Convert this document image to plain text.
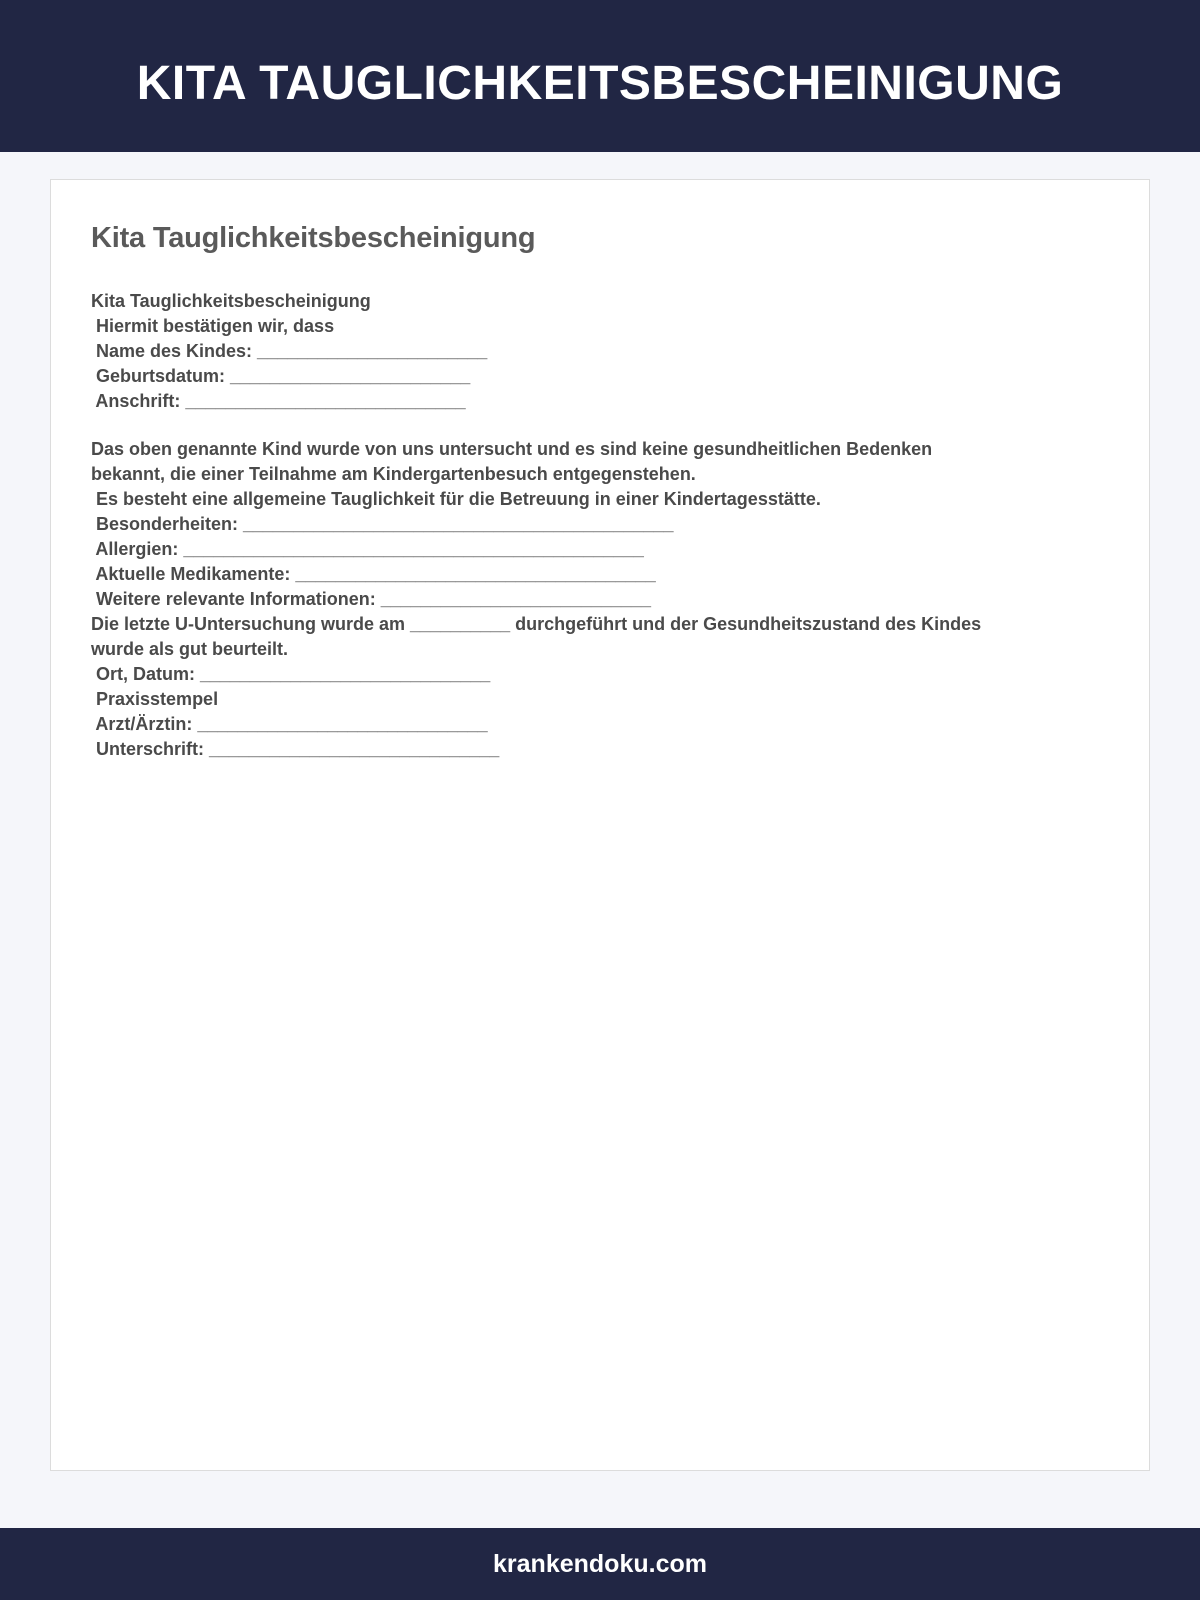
KITA TAUGLICHKEITSBESCHEINIGUNG
Kita Tauglichkeitsbescheinigung
Kita Tauglichkeitsbescheinigung
Hiermit bestätigen wir, dass
Name des Kindes: _______________________
Geburtsdatum: ________________________
Anschrift: ____________________________
Das oben genannte Kind wurde von uns untersucht und es sind keine gesundheitlichen Bedenken
bekannt, die einer Teilnahme am Kindergartenbesuch entgegenstehen.
Es besteht eine allgemeine Tauglichkeit für die Betreuung in einer Kindertagesstätte.
Besonderheiten: ___________________________________________
Allergien: ______________________________________________
Aktuelle Medikamente: ____________________________________
Weitere relevante Informationen: ___________________________
Die letzte U-Untersuchung wurde am __________ durchgeführt und der Gesundheitszustand des Kindes
wurde als gut beurteilt.
Ort, Datum: _____________________________
Praxisstempel
Arzt/Ärztin: _____________________________
Unterschrift: _____________________________
krankendoku.com
